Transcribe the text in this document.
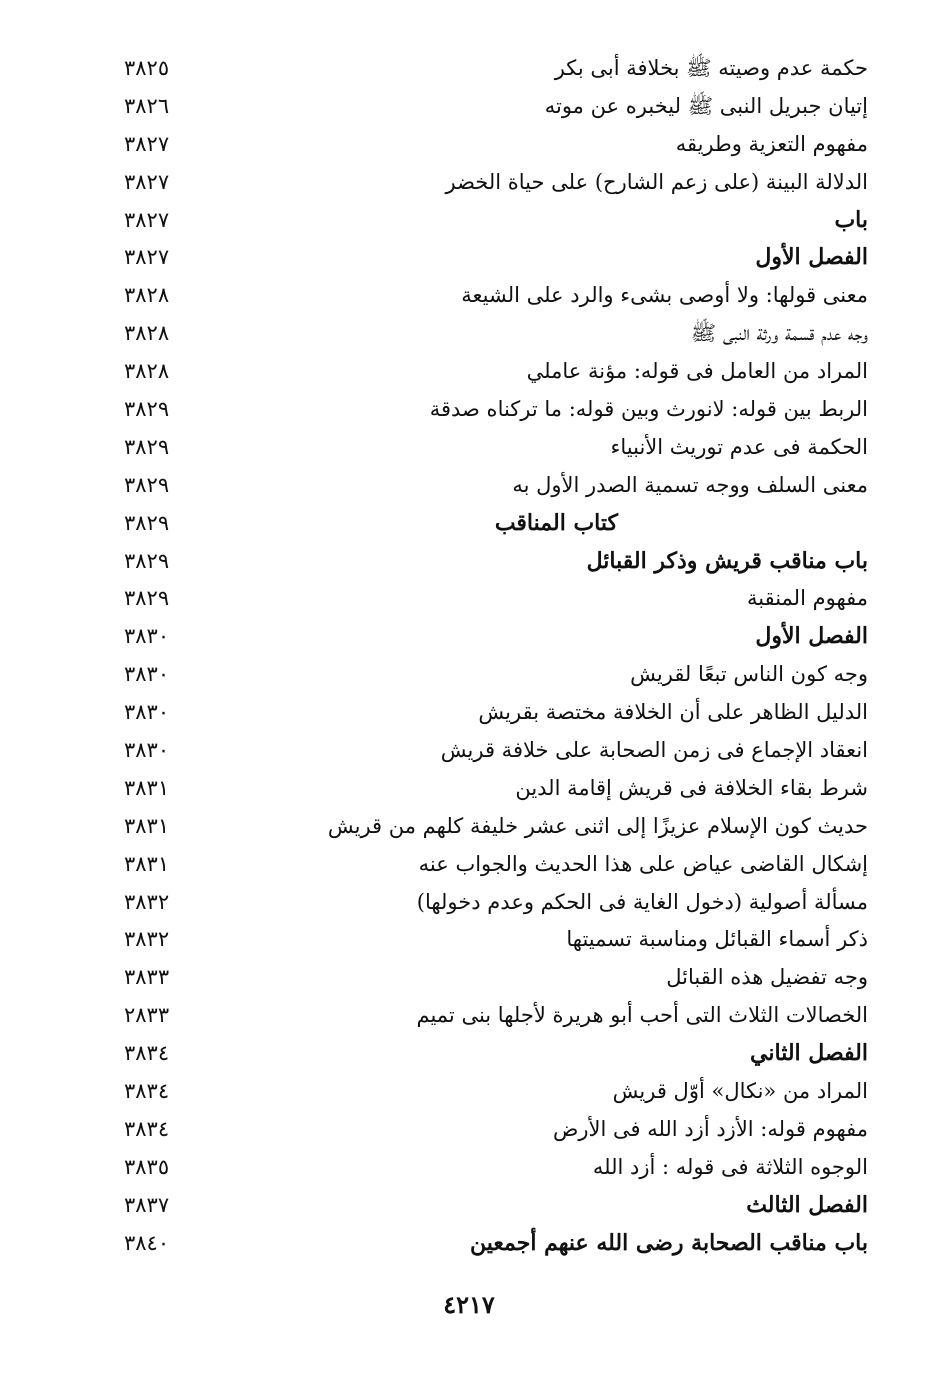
حكمة عدم وصيته ﷺ بخلافة أبى بكر
٣٨٢٥
إتيان جبريل النبى ﷺ ليخبره عن موته
٣٨٢٦
مفهوم التعزية وطريقه
٣٨٢٧
الدلالة البينة (على زعم الشارح) على حياة الخضر
٣٨٢٧
باب
٣٨٢٧
الفصل الأول
٣٨٢٧
معنى قولها: ولا أوصى بشىء والرد على الشيعة
٣٨٢٨
وجه عدم قسمة ورثة النبى ﷺ
٣٨٢٨
المراد من العامل فى قوله: مؤنة عاملي
٣٨٢٨
الربط بين قوله: لانورث وبين قوله: ما تركناه صدقة
٣٨٢٩
الحكمة فى عدم توريث الأنبياء
٣٨٢٩
معنى السلف ووجه تسمية الصدر الأول به
٣٨٢٩
كتاب المناقب
٣٨٢٩
باب مناقب قريش وذكر القبائل
٣٨٢٩
مفهوم المنقبة
٣٨٢٩
الفصل الأول
٣٨٣٠
وجه كون الناس تبعًا لقريش
٣٨٣٠
الدليل الظاهر على أن الخلافة مختصة بقريش
٣٨٣٠
انعقاد الإجماع فى زمن الصحابة على خلافة قريش
٣٨٣٠
شرط بقاء الخلافة فى قريش إقامة الدين
٣٨٣١
حديث كون الإسلام عزيزًا إلى اثنى عشر خليفة كلهم من قريش
٣٨٣١
إشكال القاضى عياض على هذا الحديث والجواب عنه
٣٨٣١
مسألة أصولية (دخول الغاية فى الحكم وعدم دخولها)
٣٨٣٢
ذكر أسماء القبائل ومناسبة تسميتها
٣٨٣٢
وجه تفضيل هذه القبائل
٣٨٣٣
الخصالات الثلاث التى أحب أبو هريرة لأجلها بنى تميم
٢٨٣٣
الفصل الثاني
٣٨٣٤
المراد من «نكال» أوّل قريش
٣٨٣٤
مفهوم قوله: الأزد أزد الله فى الأرض
٣٨٣٤
الوجوه الثلاثة فى قوله : أزد الله
٣٨٣٥
الفصل الثالث
٣٨٣٧
باب مناقب الصحابة رضى الله عنهم أجمعين
٣٨٤٠
٤٢١٧
